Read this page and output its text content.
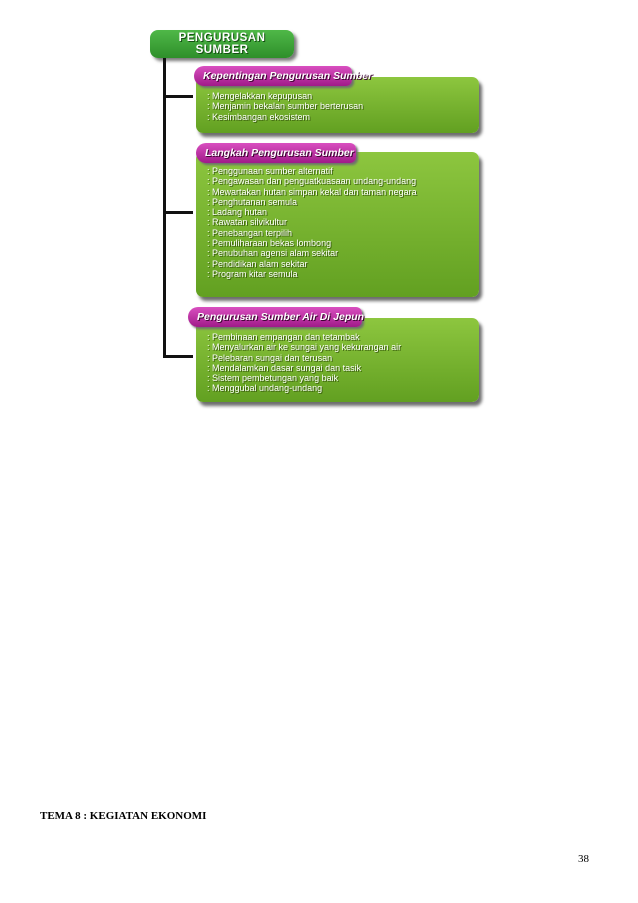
PENGURUSAN
SUMBER
: Mengelakkan kepupusan
: Menjamin bekalan sumber berterusan
: Kesimbangan ekosistem
Kepentingan Pengurusan Sumber
: Penggunaan sumber alternatif
: Pengawasan dan penguatkuasaan undang-undang
: Mewartakan hutan simpan kekal dan taman negara
: Penghutanan semula
: Ladang hutan
: Rawatan silvikultur
: Penebangan terpilih
: Pemuliharaan bekas lombong
: Penubuhan agensi alam sekitar
: Pendidikan alam sekitar
: Program kitar semula
Langkah Pengurusan Sumber
: Pembinaan empangan dan tetambak
: Menyalurkan air ke sungai yang kekurangan air
: Pelebaran sungai dan terusan
: Mendalamkan dasar sungai dan tasik
: Sistem pembetungan yang baik
: Menggubal undang-undang
Pengurusan Sumber Air Di Jepun
TEMA 8 : KEGIATAN EKONOMI
38
